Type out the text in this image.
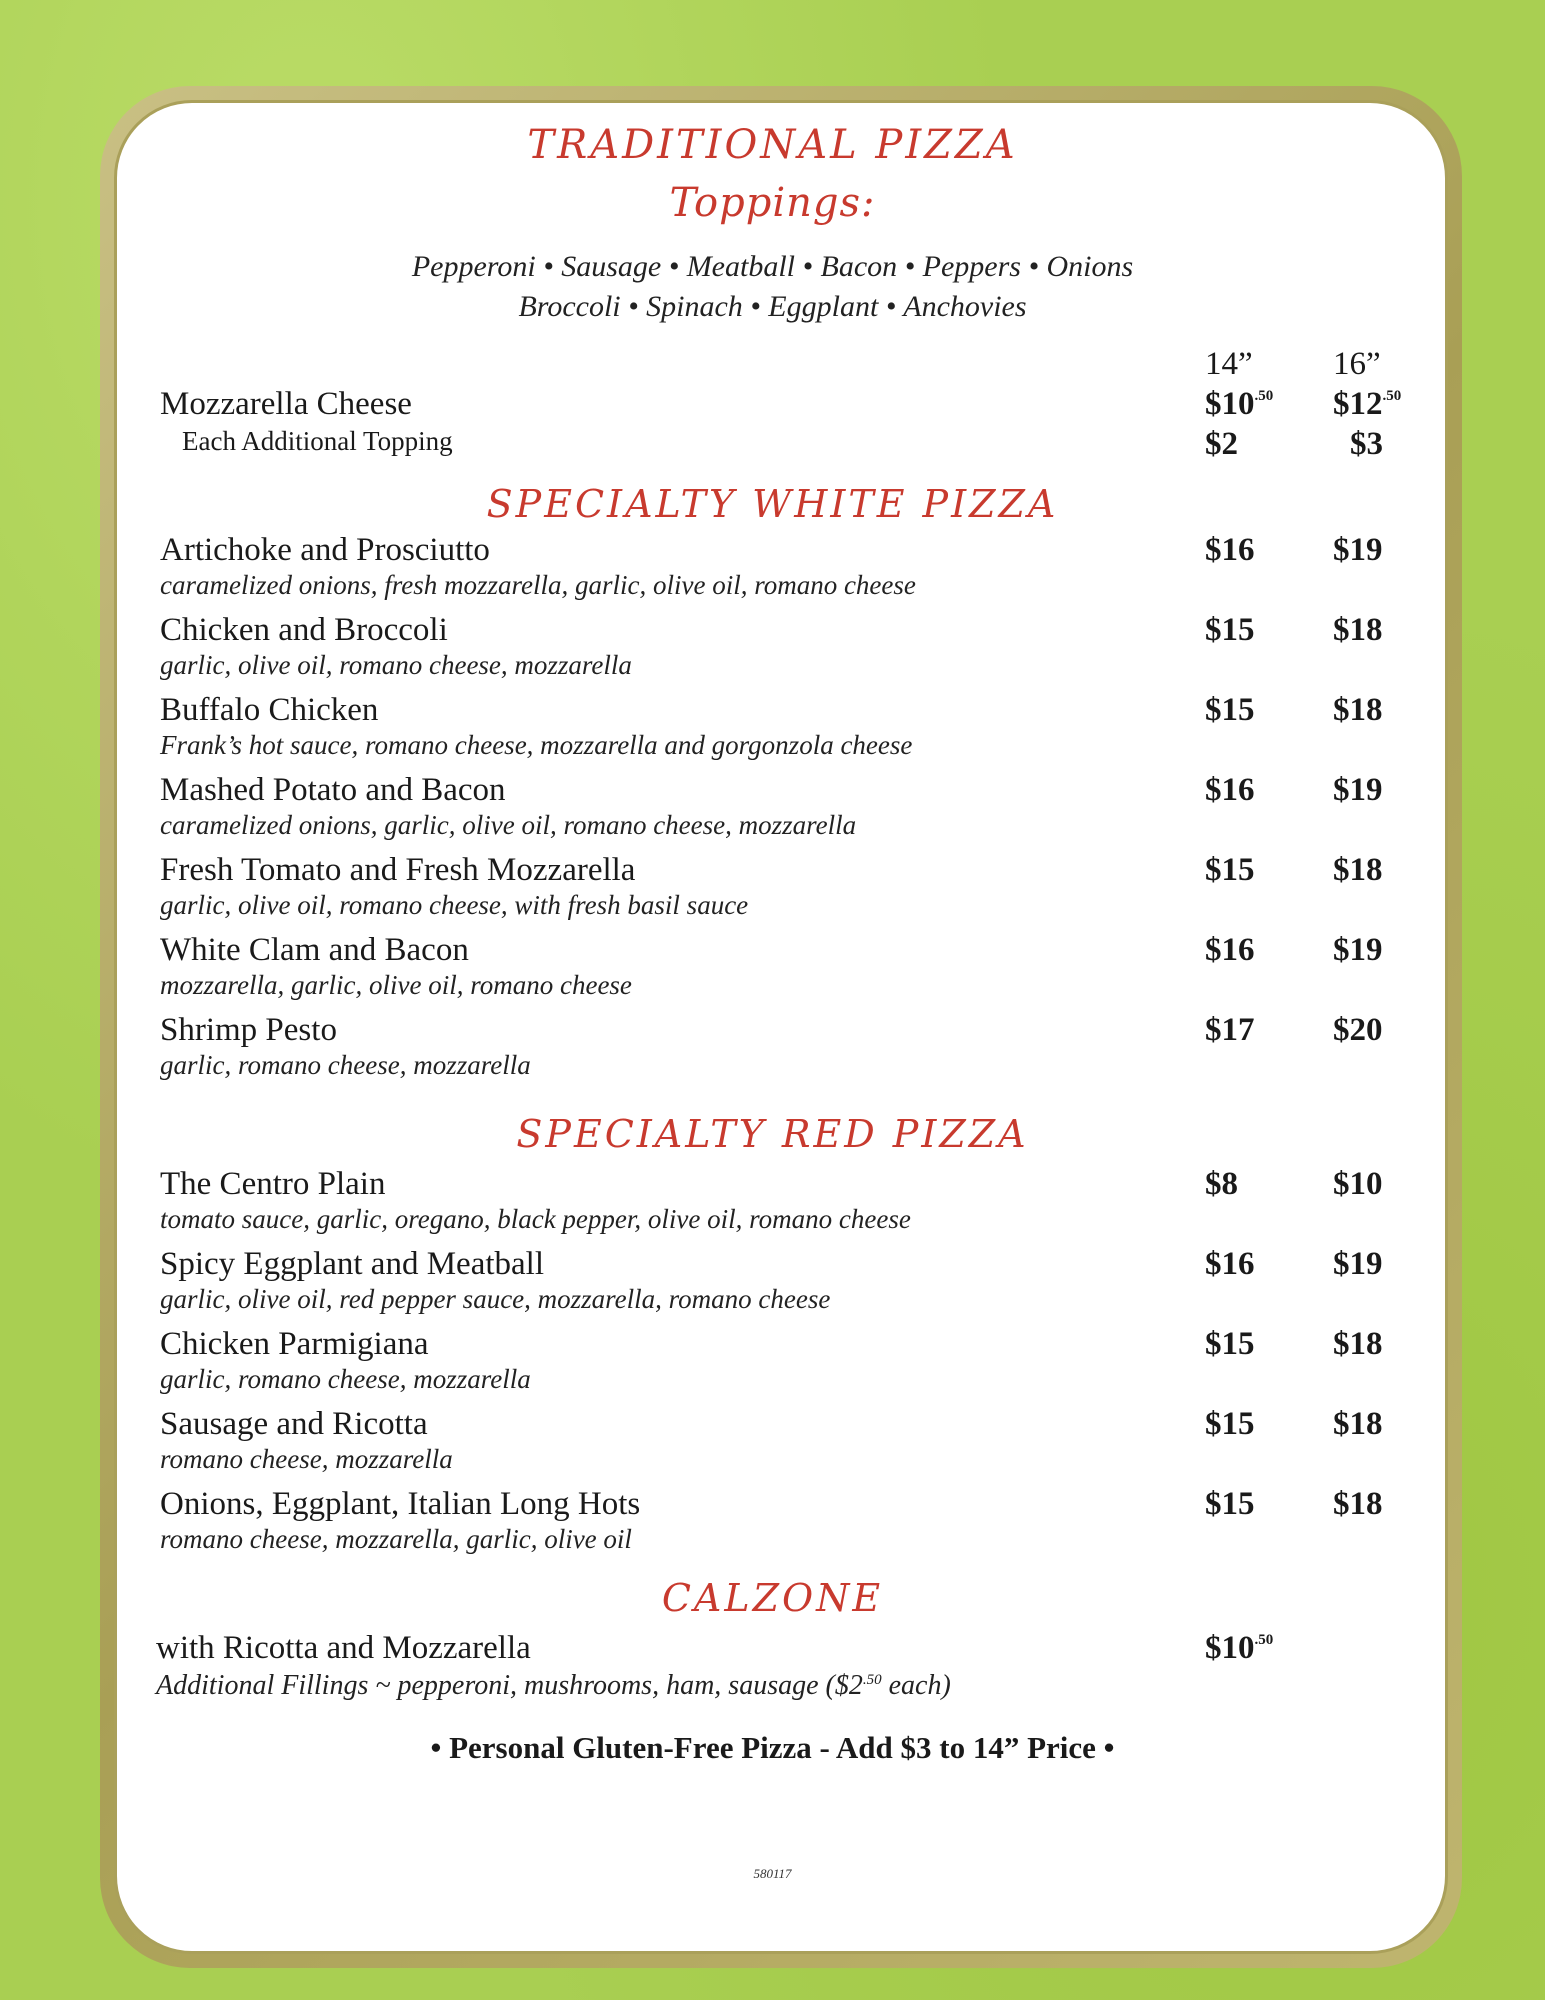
TRADITIONAL PIZZA
Toppings:
Pepperoni • Sausage • Meatball • Bacon • Peppers • Onions
Broccoli • Spinach • Eggplant • Anchovies
14” 16”
Mozzarella Cheese	$\$10^{.50}$ $\$12^{.50}$
Each Additional Topping	$2	$3
SPECIALTY WHITE PIZZA
Artichoke and Prosciutto
caramelized onions, fresh mozzarella, garlic, olive oil, romano cheese
$16 $19
Chicken and Broccoli
garlic, olive oil, romano cheese, mozzarella
$15 $18
Buffalo Chicken
Frank’s hot sauce, romano cheese, mozzarella and gorgonzola cheese
$15 $18
Mashed Potato and Bacon
caramelized onions, garlic, olive oil, romano cheese, mozzarella
$16 $19
Fresh Tomato and Fresh Mozzarella
garlic, olive oil, romano cheese, with fresh basil sauce
$15 $18
White Clam and Bacon
mozzarella, garlic, olive oil, romano cheese
$16 $19
Shrimp Pesto
garlic, romano cheese, mozzarella
$17 $20
SPECIALTY RED PIZZA
The Centro Plain
tomato sauce, garlic, oregano, black pepper, olive oil, romano cheese
$8	$10
Spicy Eggplant and Meatball
garlic, olive oil, red pepper sauce, mozzarella, romano cheese
$16 $19
Chicken Parmigiana
garlic, romano cheese, mozzarella
$15 $18
Sausage and Ricotta
romano cheese, mozzarella
$15 $18
Onions, Eggplant, Italian Long Hots
romano cheese, mozzarella, garlic, olive oil
$15 $18
CALZONE
with Ricotta and Mozzarella	$\$10^{.50}$
Additional Fillings ~ pepperoni, mushrooms, ham, sausage ($\$2^{.50}$ each)
• Personal Gluten-Free Pizza - Add $3 to 14” Price •
580117
